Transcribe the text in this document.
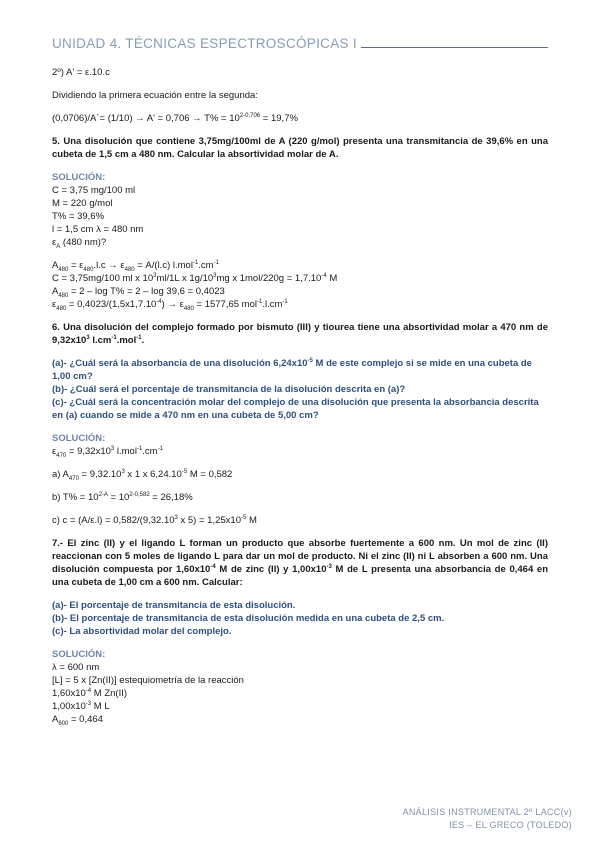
UNIDAD 4. TÉCNICAS ESPECTROSCÓPICAS I

2º) A' = ε.10.c

Dividiendo la primera ecuación entre la segunda:

(0,0706)/A´= $(1/10) \to A' = 0,706 \to T\% = 10^{2-0,706} = 19,7\%$

5. Una disolución que contiene 3,75mg/100ml de A (220 g/mol) presenta una transmitancia de 39,6% en una cubeta de 1,5 cm a 480 nm. Calcular la absortividad molar de A.

SOLUCIÓN:

C = 3,75 mg/100 ml

M = 220 g/mol

T% = 39,6%

l = 1,5 cm λ = 480 nm

$\varepsilon_A$ (480 nm)?

$A_{480} = \varepsilon_{480}.l.c \to \varepsilon_{480} = A/(l.c)$ $l.mol^{-1}.cm^{-1}$

C = 3,75mg/100 ml x $10^3ml/1L$ x $1g/10^3mg$ x $1mol/220g = 1,7.10^{-4}$ M

$A_{480} = 2 - \log T\% = 2 - \log 39,6 = 0,4023$

$\varepsilon_{480} = 0,4023/(1,5x1,7.10^{-4}) \to \varepsilon_{480} = 1577,65$ $mol^{-1}.l.cm^{-1}$

6. Una disolución del complejo formado por bismuto (III) y tiourea tiene una absortividad molar a 470 nm de $9,32x10^3$ $l.cm^{-1}.mol^{-1}$.

(a)- ¿Cuál será la absorbancia de una disolución $6,24x10^{-5}$ M de este complejo si se mide en una cubeta de 1,00 cm?

(b)- ¿Cuál será el porcentaje de transmitancia de la disolución descrita en (a)?

(c)- ¿Cuál será la concentración molar del complejo de una disolución que presenta la absorbancia descrita en (a) cuando se mide a 470 nm en una cubeta de 5,00 cm?

SOLUCIÓN:

$\varepsilon_{470} = 9,32x10^3$ $l.mol^{-1}.cm^{-1}$

a) $A_{470} = 9,32.10^3$ x 1 x $6,24.10^{-5}$ M = 0,582

b) $T\% = 10^{2-A} = 10^{2-0,582} = 26,18\%$

c) $c = (A/\varepsilon.l) = 0,582/(9,32.10^3$ x $5) = 1,25x10^{-5}$ M

7.- El zinc (II) y el ligando L forman un producto que absorbe fuertemente a 600 nm. Un mol de zinc (II) reaccionan con 5 moles de ligando L para dar un mol de producto. Ni el zinc (II) ni L absorben a 600 nm. Una disolución compuesta por $1,60x10^{-4}$ M de zinc (II) y $1,00x10^{-3}$ M de L presenta una absorbancia de 0,464 en una cubeta de 1,00 cm a 600 nm. Calcular:

(a)- El porcentaje de transmitancia de esta disolución.

(b)- El porcentaje de transmitancia de esta disolución medida en una cubeta de 2,5 cm.

(c)- La absortividad molar del complejo.

SOLUCIÓN:

λ = 600 nm

[L] = 5 x [Zn(II)] estequiometría de la reacción

$1,60x10^{-4}$ M Zn(II)

$1,00x10^{-3}$ M L

$A_{600} = 0,464$

ANÁLISIS INSTRUMENTAL 2º LACC(v)
IES – EL GRECO (TOLEDO)
